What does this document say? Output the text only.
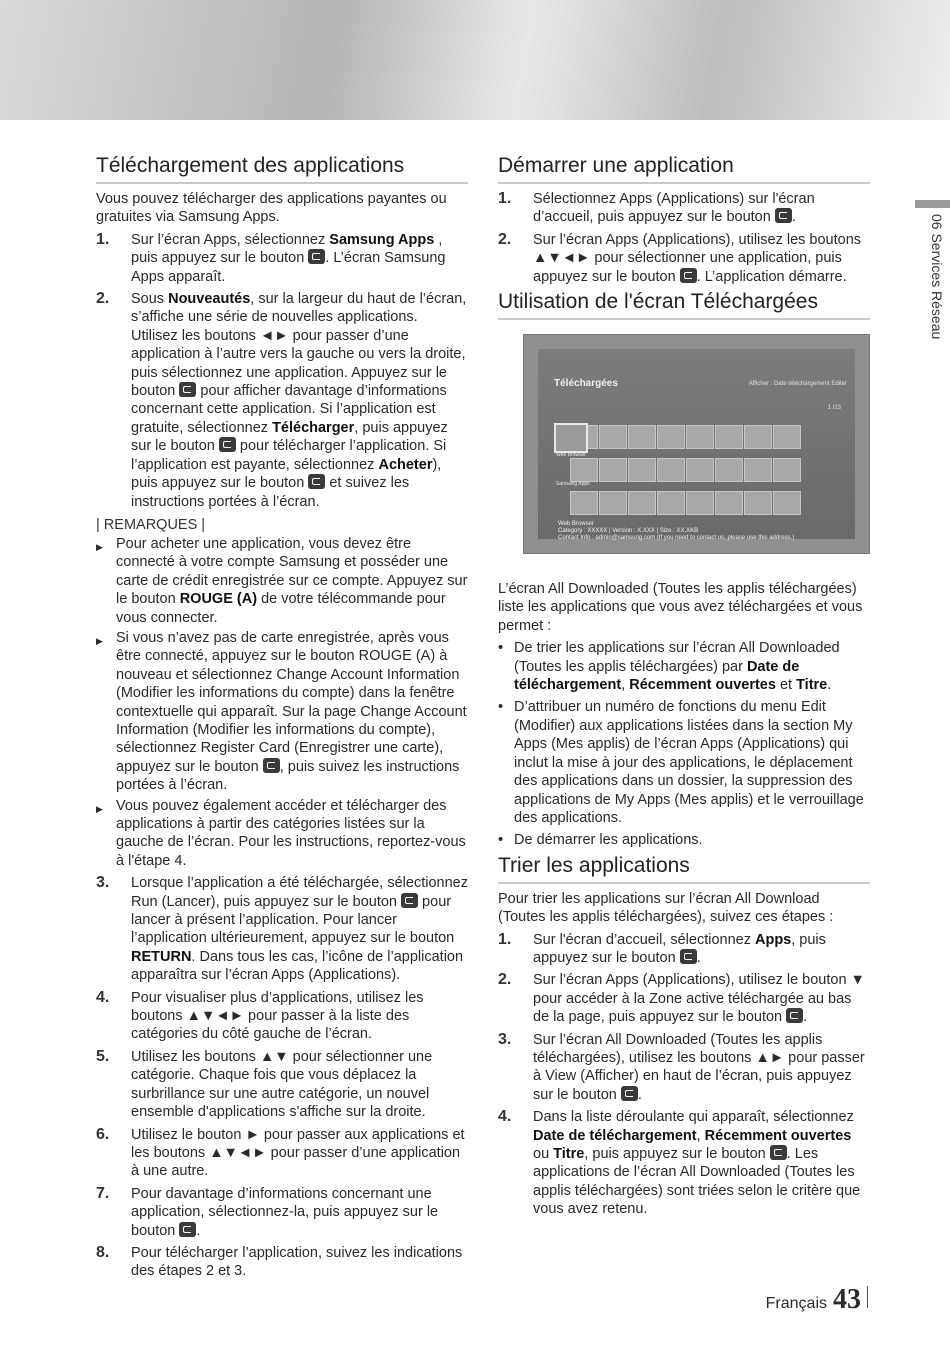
Téléchargement des applications

Vous pouvez télécharger des applications payantes ou gratuites via Samsung Apps.

1.	Sur l’écran Apps, sélectionnez Samsung Apps , puis appuyez sur le bouton . L’écran Samsung Apps apparaît.
2.	Sous Nouveautés, sur la largeur du haut de l’écran, s’affiche une série de nouvelles applications. Utilisez les boutons ◄► pour passer d’une application à l’autre vers la gauche ou vers la droite, puis sélectionnez une application. Appuyez sur le bouton  pour afficher davantage d’informations concernant cette application. Si l’application est gratuite, sélectionnez Télécharger, puis appuyez sur le bouton  pour télécharger l’application. Si l’application est payante, sélectionnez Acheter), puis appuyez sur le bouton  et suivez les instructions portées à l’écran.
| REMARQUES |
▶ Pour acheter une application, vous devez être connecté à votre compte Samsung et posséder une carte de crédit enregistrée sur ce compte. Appuyez sur le bouton ROUGE (A) de votre télécommande pour vous connecter.
▶ Si vous n’avez pas de carte enregistrée, après vous être connecté, appuyez sur le bouton ROUGE (A) à nouveau et sélectionnez Change Account Information (Modifier les informations du compte) dans la fenêtre contextuelle qui apparaît. Sur la page Change Account Information (Modifier les informations du compte), sélectionnez Register Card (Enregistrer une carte), appuyez sur le bouton , puis suivez les instructions portées à l’écran.
▶ Vous pouvez également accéder et télécharger des applications à partir des catégories listées sur la gauche de l’écran. Pour les instructions, reportez-vous à l'étape 4.
3.	Lorsque l’application a été téléchargée, sélectionnez Run (Lancer), puis appuyez sur le bouton  pour lancer à présent l’application. Pour lancer l’application ultérieurement, appuyez sur le bouton RETURN. Dans tous les cas, l’icône de l’application apparaîtra sur l’écran Apps (Applications).
4.	Pour visualiser plus d’applications, utilisez les boutons ▲▼◄► pour passer à la liste des catégories du côté gauche de l’écran.
5.	Utilisez les boutons ▲▼ pour sélectionner une catégorie. Chaque fois que vous déplacez la surbrillance sur une autre catégorie, un nouvel ensemble d'applications s'affiche sur la droite.
6.	Utilisez le bouton ► pour passer aux applications et les boutons ▲▼◄► pour passer d’une application à une autre.
7.	Pour davantage d’informations concernant une application, sélectionnez-la, puis appuyez sur le bouton .
8.	Pour télécharger l’application, suivez les indications des étapes 2 et 3.
Démarrer une application
1.	Sélectionnez Apps (Applications) sur l'écran d’accueil, puis appuyez sur le bouton .
2.	Sur l’écran Apps (Applications), utilisez les boutons ▲▼◄► pour sélectionner une application, puis appuyez sur le bouton . L’application démarre.
Utilisation de l'écran Téléchargées
Téléchargées	Afficher : Date téléchargement Editer
1 /23
Web Browser
Samsung Apps
Web Browser
Category : XXXXX | Version : X.XXX | Size : XX.XKB
Contact Info : admin@samsung.com (If you need to contact us, please use this address.)

L’écran All Downloaded (Toutes les applis téléchargées) liste les applications que vous avez téléchargées et vous permet :

• De trier les applications sur l’écran All Downloaded (Toutes les applis téléchargées) par Date de téléchargement, Récemment ouvertes et Titre.
• D’attribuer un numéro de fonctions du menu Edit (Modifier) aux applications listées dans la section My Apps (Mes applis) de l’écran Apps (Applications) qui inclut la mise à jour des applications, le déplacement des applications dans un dossier, la suppression des applications de My Apps (Mes applis) et le verrouillage des applications.
• De démarrer les applications.
Trier les applications

Pour trier les applications sur l’écran All Download (Toutes les applis téléchargées), suivez ces étapes :

1.	Sur l'écran d’accueil, sélectionnez Apps, puis appuyez sur le bouton .
2.	Sur l’écran Apps (Applications), utilisez le bouton ▼ pour accéder à la Zone active téléchargée au bas de la page, puis appuyez sur le bouton .
3.	Sur l’écran All Downloaded (Toutes les applis téléchargées), utilisez les boutons ▲► pour passer à View (Afficher) en haut de l’écran, puis appuyez sur le bouton .
4.	Dans la liste déroulante qui apparaît, sélectionnez Date de téléchargement, Récemment ouvertes ou Titre, puis appuyez sur le bouton . Les applications de l’écran All Downloaded (Toutes les applis téléchargées) sont triées selon le critère que vous avez retenu.
06 Services Réseau
Français 43
